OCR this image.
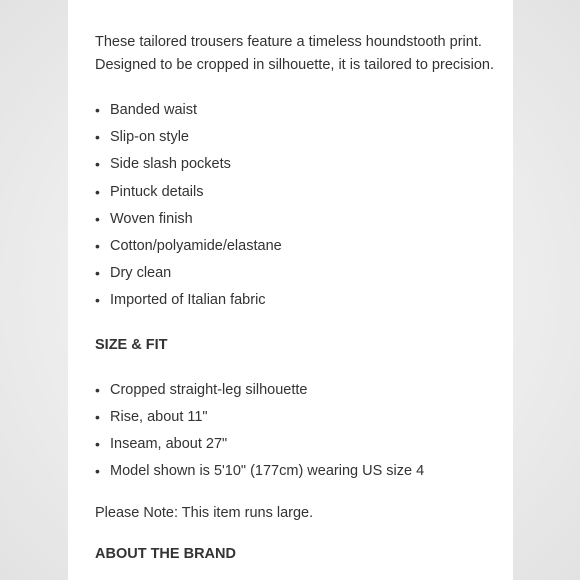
These tailored trousers feature a timeless houndstooth print. Designed to be cropped in silhouette, it is tailored to precision.

• Banded waist
• Slip-on style
• Side slash pockets
• Pintuck details
• Woven finish
• Cotton/polyamide/elastane
• Dry clean
• Imported of Italian fabric
SIZE & FIT
• Cropped straight-leg silhouette
• Rise, about 11"
• Inseam, about 27"
• Model shown is 5'10" (177cm) wearing US size 4

Please Note: This item runs large.

ABOUT THE BRAND
